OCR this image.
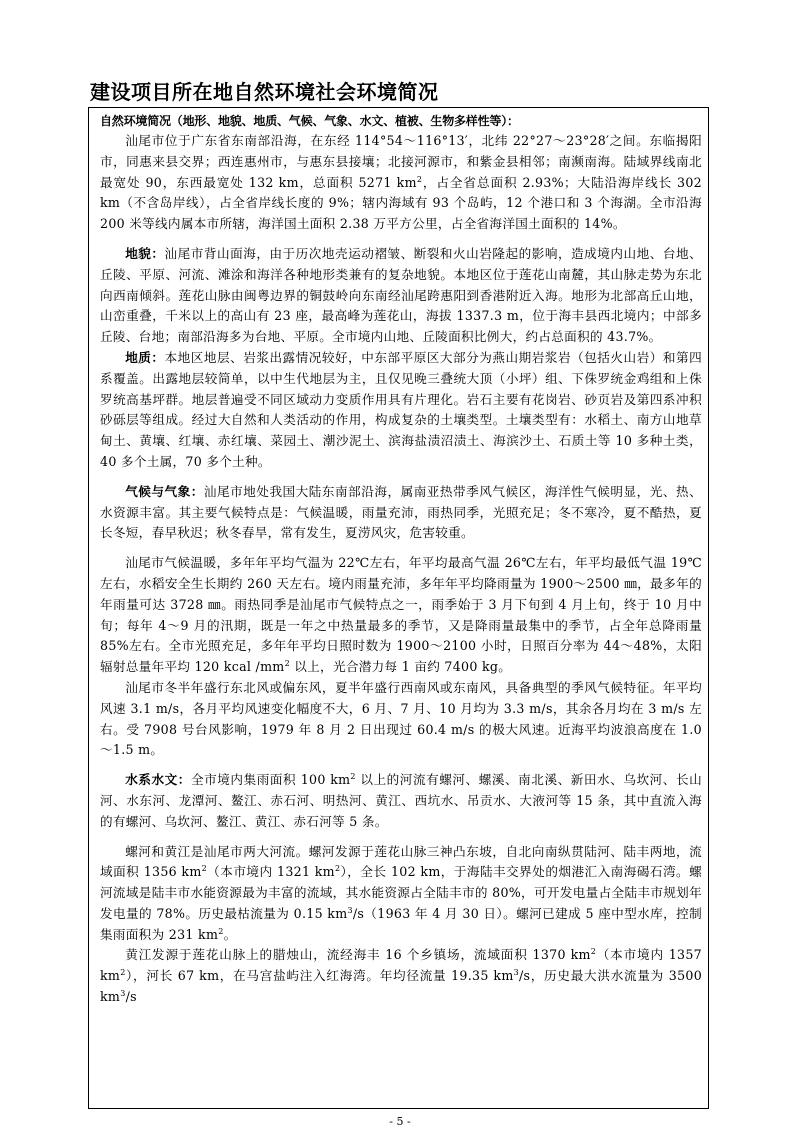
建设项目所在地自然环境社会环境简况
自然环境简况（地形、地貌、地质、气候、气象、水文、植被、生物多样性等）：

汕尾市位于广东省东南部沿海，在东经 114°54～116°13′，北纬 22°27～23°28′之间。东临揭阳市，同惠来县交界；西连惠州市，与惠东县接壤；北接河源市，和紫金县相邻；南濒南海。陆域界线南北最宽处 90，东西最宽处 132 km，总面积 5271 $km^2$，占全省总面积 2.93%；大陆沿海岸线长 302 km（不含岛岸线），占全省岸线长度的 9%；辖内海域有 93 个岛屿，12 个港口和 3 个海湖。全市沿海 200 米等线内属本市所辖，海洋国土面积 2.38 万平方公里，占全省海洋国土面积的 14%。

地貌：汕尾市背山面海，由于历次地壳运动褶皱、断裂和火山岩隆起的影响，造成境内山地、台地、丘陵、平原、河流、滩涂和海洋各种地形类兼有的复杂地貌。本地区位于莲花山南麓，其山脉走势为东北向西南倾斜。莲花山脉由闽粤边界的铜鼓岭向东南经汕尾跨惠阳到香港附近入海。地形为北部高丘山地，山峦重叠，千米以上的高山有 23 座，最高峰为莲花山，海拔 1337.3 m，位于海丰县西北境内；中部多丘陵、台地；南部沿海多为台地、平原。全市境内山地、丘陵面积比例大，约占总面积的 43.7%。

地质：本地区地层、岩浆出露情况较好，中东部平原区大部分为燕山期岩浆岩（包括火山岩）和第四系覆盖。出露地层较简单，以中生代地层为主，且仅见晚三叠统大顶（小坪）组、下侏罗统金鸡组和上侏罗统高基坪群。地层普遍受不同区域动力变质作用具有片理化。岩石主要有花岗岩、砂页岩及第四系冲积砂砾层等组成。经过大自然和人类活动的作用，构成复杂的土壤类型。土壤类型有：水稻土、南方山地草甸土、黄壤、红壤、赤红壤、菜园土、潮沙泥土、滨海盐渍沼渍土、海滨沙土、石质土等 10 多种土类，40 多个土属，70 多个土种。

气候与气象：汕尾市地处我国大陆东南部沿海，属南亚热带季风气候区，海洋性气候明显，光、热、水资源丰富。其主要气候特点是：气候温暖，雨量充沛，雨热同季，光照充足；冬不寒冷，夏不酷热，夏长冬短，春早秋迟；秋冬春旱，常有发生，夏涝风灾，危害较重。

汕尾市气候温暖，多年年平均气温为 22℃左右，年平均最高气温 26℃左右，年平均最低气温 19℃左右，水稻安全生长期约 260 天左右。境内雨量充沛，多年年平均降雨量为 1900～2500 ㎜，最多年的年雨量可达 3728 ㎜。雨热同季是汕尾市气候特点之一，雨季始于 3 月下旬到 4 月上旬，终于 10 月中旬；每年 4～9 月的汛期，既是一年之中热量最多的季节，又是降雨量最集中的季节，占全年总降雨量 85%左右。全市光照充足，多年年平均日照时数为 1900～2100 小时，日照百分率为 44～48%，太阳辐射总量年平均 120 kcal $/mm^2$ 以上，光合潜力每 1 亩约 7400 kg。

汕尾市冬半年盛行东北风或偏东风，夏半年盛行西南风或东南风，具备典型的季风气候特征。年平均风速 3.1 m/s，各月平均风速变化幅度不大，6 月、7 月、10 月均为 3.3 m/s，其余各月均在 3 m/s 左右。受 7908 号台风影响，1979 年 8 月 2 日出现过 60.4 m/s 的极大风速。近海平均波浪高度在 1.0～1.5 m。

水系水文：全市境内集雨面积 100 $km^2$ 以上的河流有螺河、螺溪、南北溪、新田水、乌坎河、长山河、水东河、龙潭河、鳌江、赤石河、明热河、黄江、西坑水、吊贡水、大液河等 15 条，其中直流入海的有螺河、乌坎河、鳌江、黄江、赤石河等 5 条。

螺河和黄江是汕尾市两大河流。螺河发源于莲花山脉三神凸东坡，自北向南纵贯陆河、陆丰两地，流域面积 1356 $km^2$（本市境内 1321 $km^2$），全长 102 km，于海陆丰交界处的烟港汇入南海碣石湾。螺河流域是陆丰市水能资源最为丰富的流域，其水能资源占全陆丰市的 80%，可开发电量占全陆丰市规划年发电量的 78%。历史最枯流量为 0.15 $km^3/s(1963$ 年 4 月 30 日）。螺河已建成 5 座中型水库，控制集雨面积为 231 $km^2$。

黄江发源于莲花山脉上的腊烛山，流经海丰 16 个乡镇场，流域面积 1370 $km^2$（本市境内 1357 $km^2$），河长 67 km，在马宫盐屿注入红海湾。年均径流量 19.35 $km^3/s$，历史最大洪水流量为 3500 $km^3/s$

- 5 -
